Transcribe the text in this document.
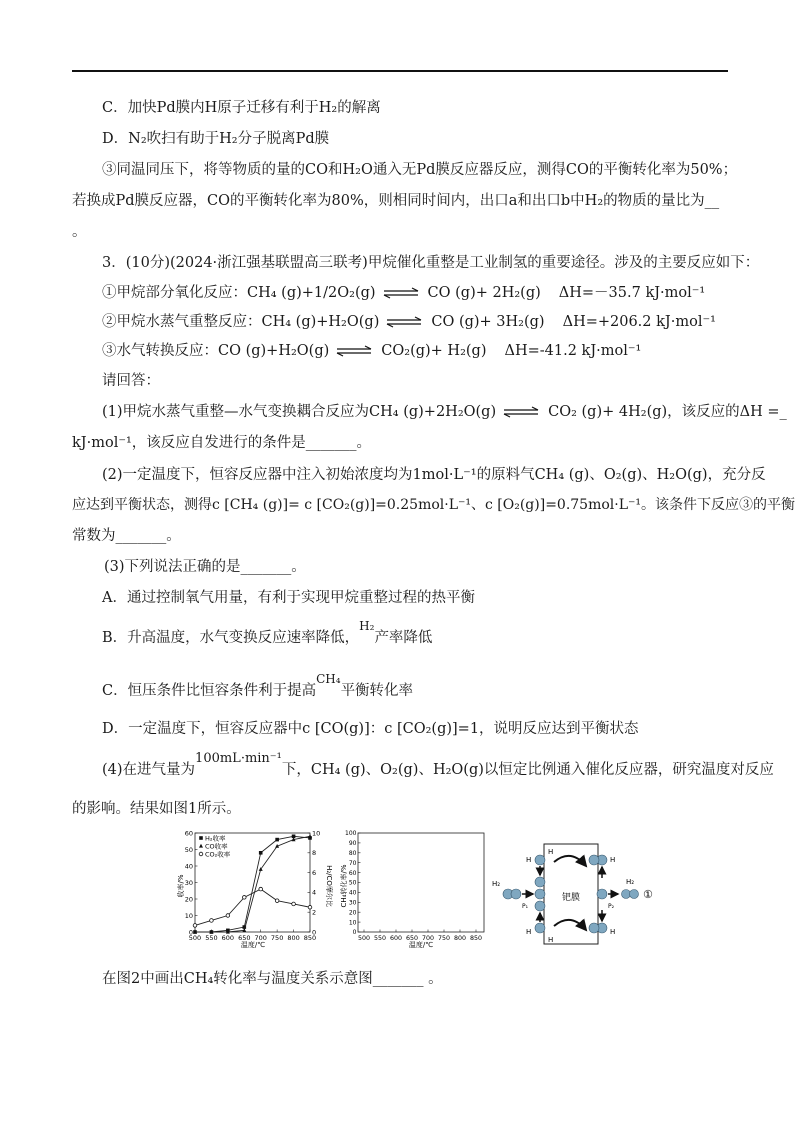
C．加快Pd膜内H原子迁移有利于H₂的解离
D．N₂吹扫有助于H₂分子脱离Pd膜
③同温同压下，将等物质的量的CO和H₂O通入无Pd膜反应器反应，测得CO的平衡转化率为50%；
若换成Pd膜反应器，CO的平衡转化率为80%，则相同时间内，出口a和出口b中H₂的物质的量比为__
。
3．(10分)(2024·浙江强基联盟高三联考)甲烷催化重整是工业制氢的重要途径。涉及的主要反应如下：
①甲烷部分氧化反应：CH₄ (g)+1/2O₂(g) ⇌ CO (g)+ 2H₂(g) ΔH=－35.7 kJ·mol⁻¹
②甲烷水蒸气重整反应：CH₄ (g)+H₂O(g) ⇌ CO (g)+ 3H₂(g) ΔH=+206.2 kJ·mol⁻¹
③水气转换反应：CO (g)+H₂O(g) ⇌ CO₂(g)+ H₂(g) ΔH=-41.2 kJ·mol⁻¹
请回答：
(1)甲烷水蒸气重整—水气变换耦合反应为CH₄ (g)+2H₂O(g) ⇌ CO₂ (g)+ 4H₂(g)，该反应的ΔH =_
kJ·mol⁻¹，该反应自发进行的条件是_______。
(2)一定温度下，恒容反应器中注入初始浓度均为1mol·L⁻¹的原料气CH₄ (g)、O₂(g)、H₂O(g)，充分反
应达到平衡状态，测得c [CH₄ (g)]= c [CO₂(g)]=0.25mol·L⁻¹、c [O₂(g)]=0.75mol·L⁻¹。该条件下反应③的平衡
常数为_______。
(3)下列说法正确的是_______。
A．通过控制氧气用量，有利于实现甲烷重整过程的热平衡
B．升高温度，水气变换反应速率降低，$^{H_2}$产率降低
C．恒压条件比恒容条件利于提高$^{CH_4}$平衡转化率
D．一定温度下，恒容反应器中c [CO(g)]：c [CO₂(g)]=1，说明反应达到平衡状态
(4)在进气量为100mL·min⁻¹下，CH₄ (g)、O₂(g)、H₂O(g)以恒定比例通入催化反应器，研究温度对反应
的影响。结果如图1所示。
0
10
20
30
40
50
60
0
2
4
6
8
10
500 550 600 650 700 750 800 850
H₂收率
CO收率
CO₂收率
收率/%	H₂/CO摩尔比
温度/℃
0
10
20
30
40
50
60
70
80
90
100
500 550 600 650 700 750 800 850
CH₄转化率/%
温度/℃
钯膜
H₂
P₁	P₂
H₂
①
H
H
H
H
H
H
在图2中画出CH₄转化率与温度关系示意图_______ 。
